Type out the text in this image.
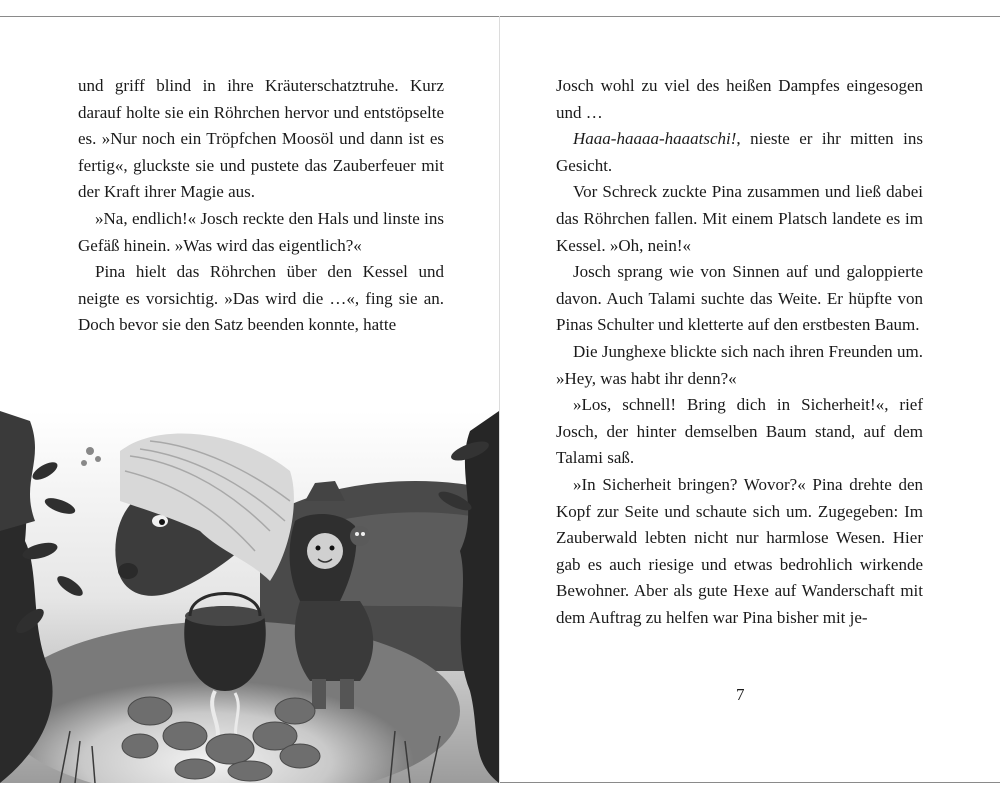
und griff blind in ihre Kräuterschatztruhe. Kurz darauf holte sie ein Röhrchen hervor und entstöpselte es. »Nur noch ein Tröpfchen Moosöl und dann ist es fertig«, gluckste sie und pustete das Zauberfeuer mit der Kraft ihrer Magie aus.

»Na, endlich!« Josch reckte den Hals und linste ins Gefäß hinein. »Was wird das eigentlich?«

Pina hielt das Röhrchen über den Kessel und neigte es vorsichtig. »Das wird die …«, fing sie an. Doch bevor sie den Satz beenden konnte, hatte

Josch wohl zu viel des heißen Dampfes eingesogen und …

Haaa-haaaa-haaatschi!, nieste er ihr mitten ins Gesicht.

Vor Schreck zuckte Pina zusammen und ließ dabei das Röhrchen fallen. Mit einem Platsch landete es im Kessel. »Oh, nein!«

Josch sprang wie von Sinnen auf und galoppierte davon. Auch Talami suchte das Weite. Er hüpfte von Pinas Schulter und kletterte auf den erstbesten Baum.

Die Junghexe blickte sich nach ihren Freunden um. »Hey, was habt ihr denn?«

»Los, schnell! Bring dich in Sicherheit!«, rief Josch, der hinter demselben Baum stand, auf dem Talami saß.

»In Sicherheit bringen? Wovor?« Pina drehte den Kopf zur Seite und schaute sich um. Zugegeben: Im Zauberwald lebten nicht nur harmlose Wesen. Hier gab es auch riesige und etwas bedrohlich wirkende Bewohner. Aber als gute Hexe auf Wanderschaft mit dem Auftrag zu helfen war Pina bisher mit je-

7
